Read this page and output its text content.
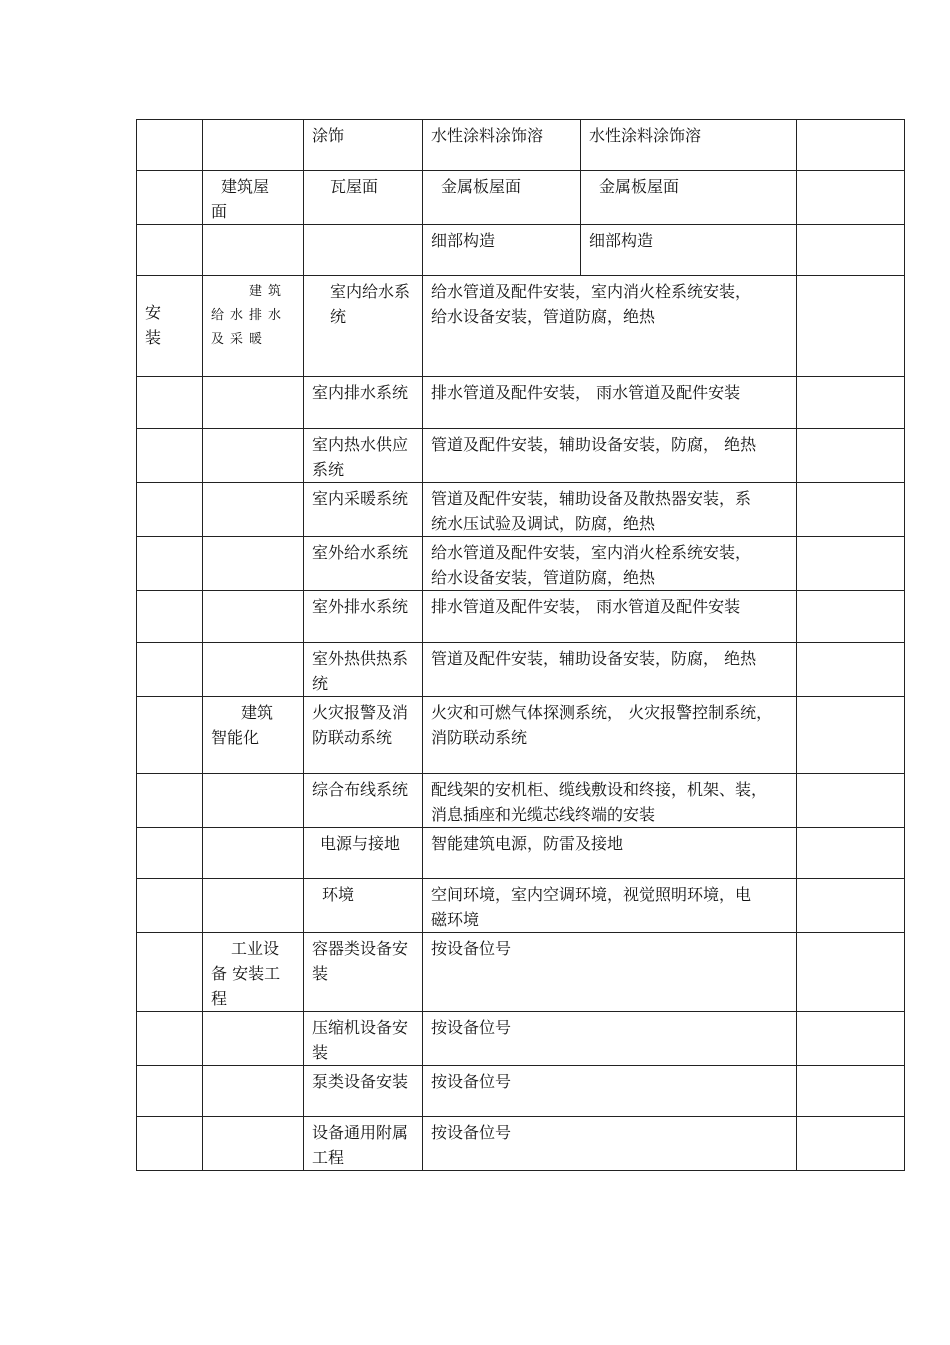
		涂饰	水性涂料涂饰溶	水性涂料涂饰溶	

	建筑屋面	瓦屋面	金属板屋面	金属板屋面	

			细部构造	细部构造	

安装	建筑给水排水及采暖	室内给水系统	给水管道及配件安装，室内消火栓系统安装，给水设备安装，管道防腐，绝热		

		室内排水系统	排水管道及配件安装， 雨水管道及配件安装		

		室内热水供应系统	管道及配件安装，辅助设备安装，防腐， 绝热		

		室内采暖系统	管道及配件安装，辅助设备及散热器安装，系统水压试验及调试，防腐，绝热		

		室外给水系统	给水管道及配件安装，室内消火栓系统安装，给水设备安装，管道防腐，绝热		

		室外排水系统	排水管道及配件安装， 雨水管道及配件安装		

		室外热供热系统	管道及配件安装，辅助设备安装，防腐， 绝热		

	建筑智能化	火灾报警及消防联动系统	火灾和可燃气体探测系统， 火灾报警控制系统，消防联动系统		

		综合布线系统	配线架的安机柜、缆线敷设和终接，机架、装，消息插座和光缆芯线终端的安装		

		电源与接地	智能建筑电源，防雷及接地		

		环境	空间环境，室内空调环境，视觉照明环境，电磁环境		

	工业设备 安装工程	容器类设备安装	按设备位号		

		压缩机设备安装	按设备位号		

		泵类设备安装	按设备位号		

		设备通用附属工程	按设备位号		
